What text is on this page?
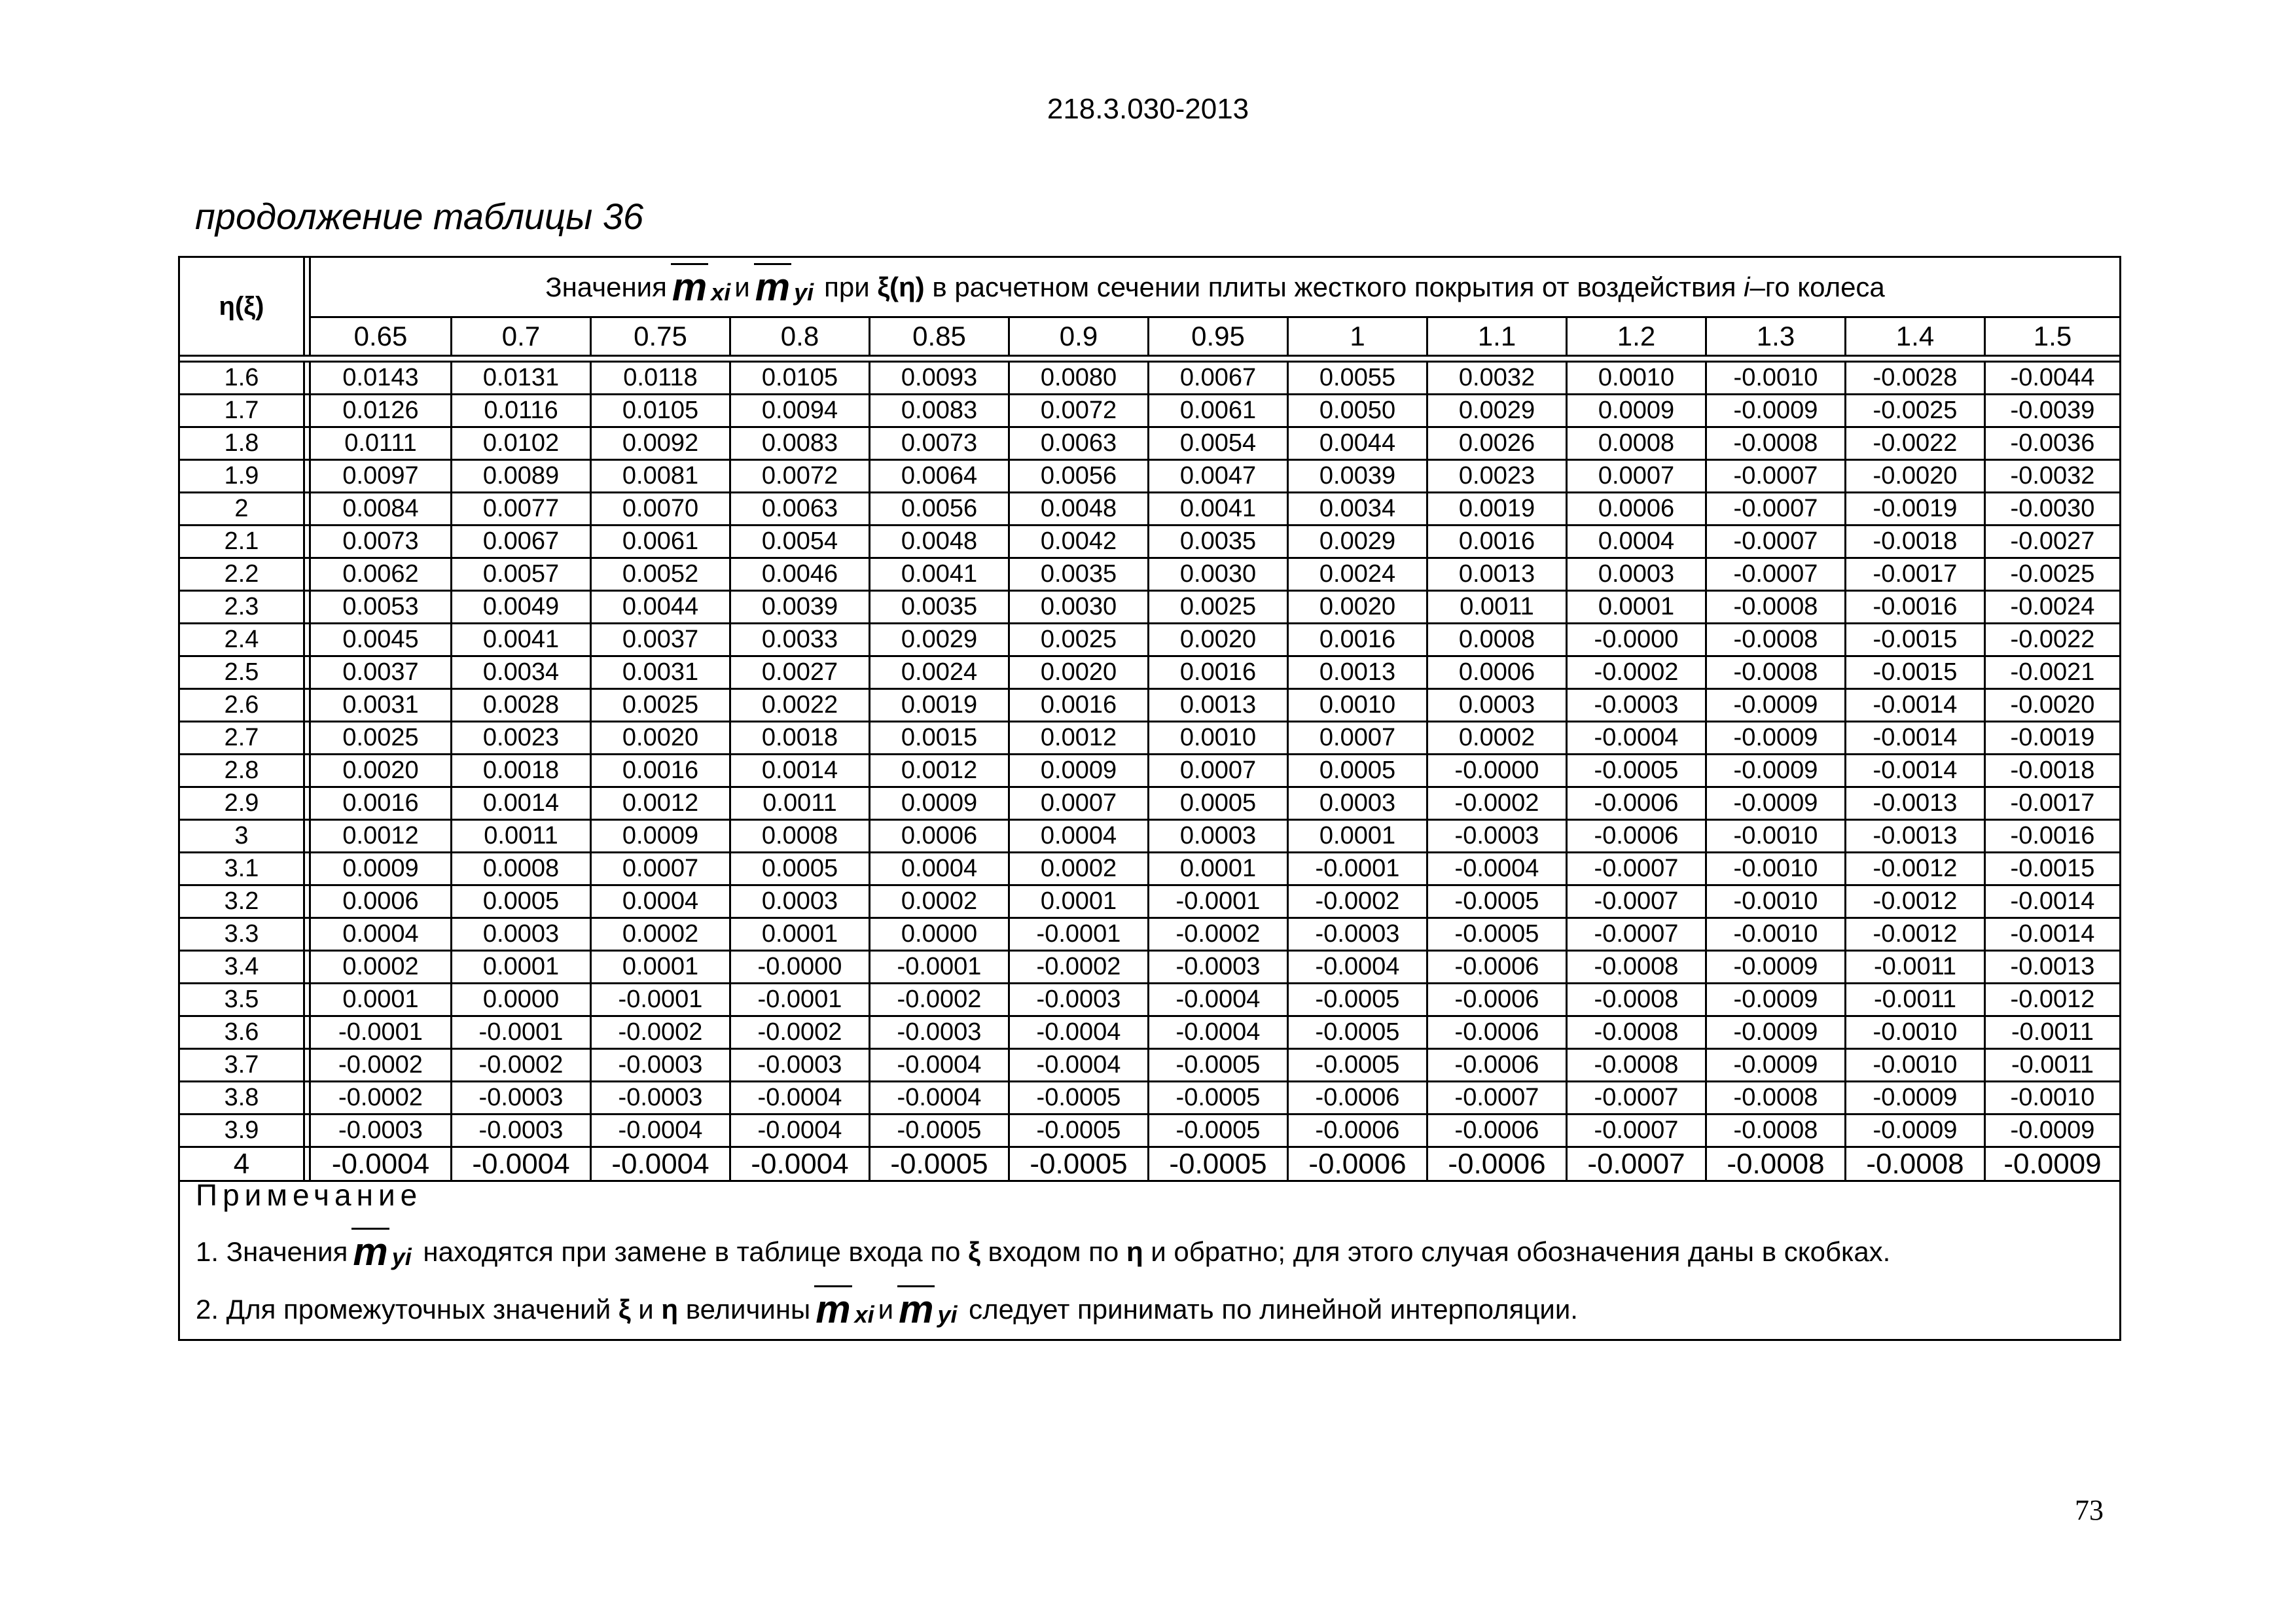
218.3.030-2013
продолжение таблицы 36
η(ξ)
Значения m xi и m yi при
ξ(η)
в расчетном сечении плиты жесткого покрытия от воздействия
i –го колеса
0.65	0.7	0.75	0.8	0.85	0.9	0.95	1	1.1	1.2	1.3	1.4	1.5
1.6	0.0143	0.0131	0.0118	0.0105	0.0093	0.0080	0.0067	0.0055	0.0032	0.0010	-0.0010	-0.0028	-0.0044
1.7	0.0126	0.0116	0.0105	0.0094	0.0083	0.0072	0.0061	0.0050	0.0029	0.0009	-0.0009	-0.0025	-0.0039
1.8	0.0111	0.0102	0.0092	0.0083	0.0073	0.0063	0.0054	0.0044	0.0026	0.0008	-0.0008	-0.0022	-0.0036
1.9	0.0097	0.0089	0.0081	0.0072	0.0064	0.0056	0.0047	0.0039	0.0023	0.0007	-0.0007	-0.0020	-0.0032
2	0.0084	0.0077	0.0070	0.0063	0.0056	0.0048	0.0041	0.0034	0.0019	0.0006	-0.0007	-0.0019	-0.0030
2.1	0.0073	0.0067	0.0061	0.0054	0.0048	0.0042	0.0035	0.0029	0.0016	0.0004	-0.0007	-0.0018	-0.0027
2.2	0.0062	0.0057	0.0052	0.0046	0.0041	0.0035	0.0030	0.0024	0.0013	0.0003	-0.0007	-0.0017	-0.0025
2.3	0.0053	0.0049	0.0044	0.0039	0.0035	0.0030	0.0025	0.0020	0.0011	0.0001	-0.0008	-0.0016	-0.0024
2.4	0.0045	0.0041	0.0037	0.0033	0.0029	0.0025	0.0020	0.0016	0.0008	-0.0000	-0.0008	-0.0015	-0.0022
2.5	0.0037	0.0034	0.0031	0.0027	0.0024	0.0020	0.0016	0.0013	0.0006	-0.0002	-0.0008	-0.0015	-0.0021
2.6	0.0031	0.0028	0.0025	0.0022	0.0019	0.0016	0.0013	0.0010	0.0003	-0.0003	-0.0009	-0.0014	-0.0020
2.7	0.0025	0.0023	0.0020	0.0018	0.0015	0.0012	0.0010	0.0007	0.0002	-0.0004	-0.0009	-0.0014	-0.0019
2.8	0.0020	0.0018	0.0016	0.0014	0.0012	0.0009	0.0007	0.0005	-0.0000	-0.0005	-0.0009	-0.0014	-0.0018
2.9	0.0016	0.0014	0.0012	0.0011	0.0009	0.0007	0.0005	0.0003	-0.0002	-0.0006	-0.0009	-0.0013	-0.0017
3	0.0012	0.0011	0.0009	0.0008	0.0006	0.0004	0.0003	0.0001	-0.0003	-0.0006	-0.0010	-0.0013	-0.0016
3.1	0.0009	0.0008	0.0007	0.0005	0.0004	0.0002	0.0001	-0.0001	-0.0004	-0.0007	-0.0010	-0.0012	-0.0015
3.2	0.0006	0.0005	0.0004	0.0003	0.0002	0.0001	-0.0001	-0.0002	-0.0005	-0.0007	-0.0010	-0.0012	-0.0014
3.3	0.0004	0.0003	0.0002	0.0001	0.0000	-0.0001	-0.0002	-0.0003	-0.0005	-0.0007	-0.0010	-0.0012	-0.0014
3.4	0.0002	0.0001	0.0001	-0.0000	-0.0001	-0.0002	-0.0003	-0.0004	-0.0006	-0.0008	-0.0009	-0.0011	-0.0013
3.5	0.0001	0.0000	-0.0001	-0.0001	-0.0002	-0.0003	-0.0004	-0.0005	-0.0006	-0.0008	-0.0009	-0.0011	-0.0012
3.6	-0.0001	-0.0001	-0.0002	-0.0002	-0.0003	-0.0004	-0.0004	-0.0005	-0.0006	-0.0008	-0.0009	-0.0010	-0.0011
3.7	-0.0002	-0.0002	-0.0003	-0.0003	-0.0004	-0.0004	-0.0005	-0.0005	-0.0006	-0.0008	-0.0009	-0.0010	-0.0011
3.8	-0.0002	-0.0003	-0.0003	-0.0004	-0.0004	-0.0005	-0.0005	-0.0006	-0.0007	-0.0007	-0.0008	-0.0009	-0.0010
3.9	-0.0003	-0.0003	-0.0004	-0.0004	-0.0005	-0.0005	-0.0005	-0.0006	-0.0006	-0.0007	-0.0008	-0.0009	-0.0009
4	-0.0004	-0.0004	-0.0004	-0.0004	-0.0005	-0.0005	-0.0005	-0.0006	-0.0006	-0.0007	-0.0008	-0.0008	-0.0009
Примечание
1. Значения m yi
находятся при замене в таблице входа по
ξ
входом по
η
и обратно; для этого случая обозначения даны в скобках.
2. Для промежуточных значений
ξ
и
η
величины m xi и m yi
следует принимать по линейной интерполяции.
73
